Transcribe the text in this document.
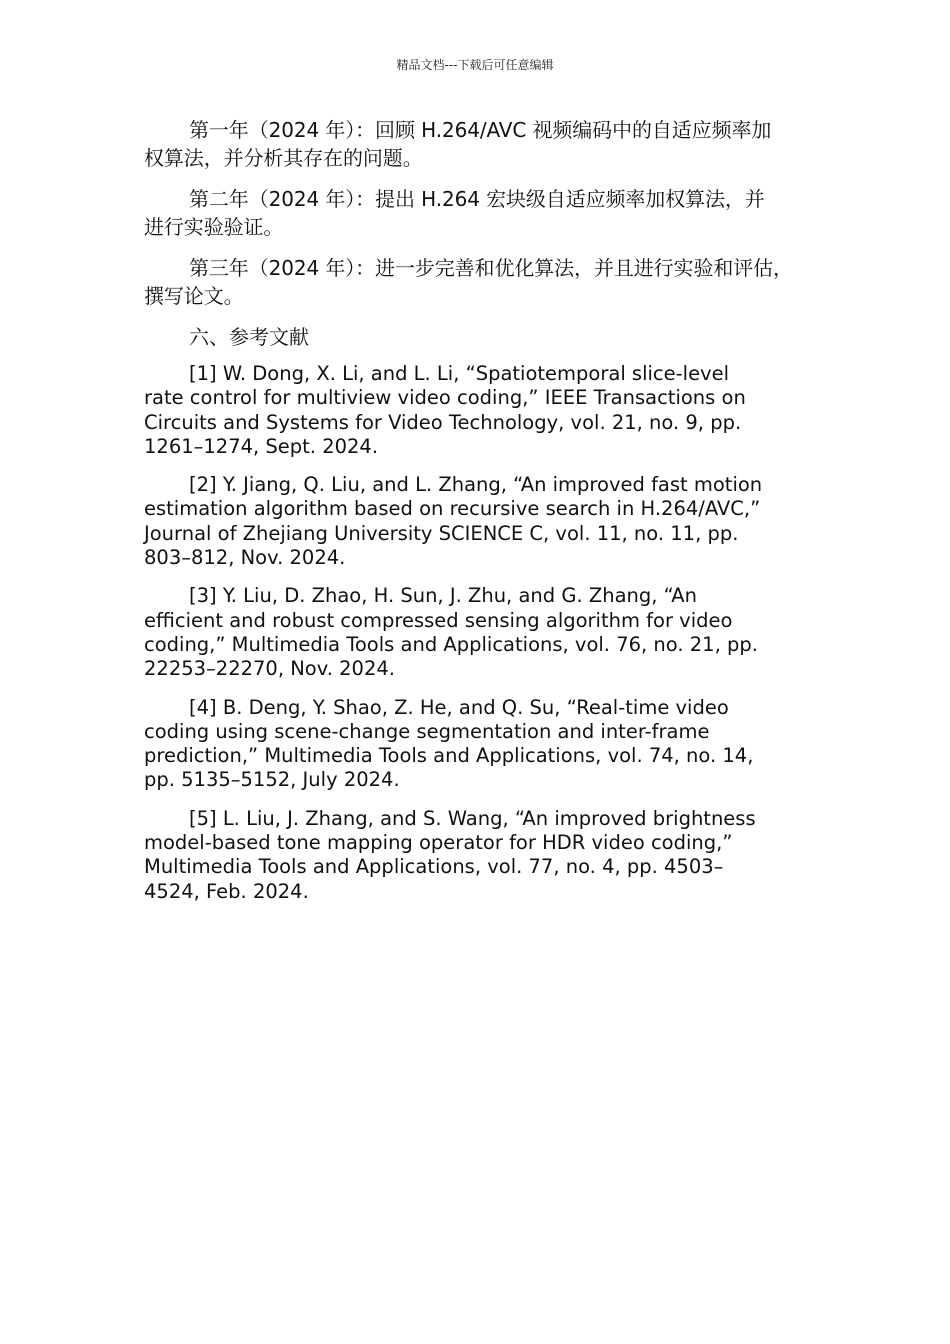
精品文档---下载后可任意编辑

第一年（2024 年）：回顾 H.264/AVC 视频编码中的自适应频率加
权算法，并分析其存在的问题。

第二年（2024 年）：提出 H.264 宏块级自适应频率加权算法，并
进行实验验证。

第三年（2024 年）：进一步完善和优化算法，并且进行实验和评估，
撰写论文。

六、参考文献

[1] W. Dong, X. Li, and L. Li, “Spatiotemporal slice-level
rate control for multiview video coding,” IEEE Transactions on
Circuits and Systems for Video Technology, vol. 21, no. 9, pp.
1261–1274, Sept. 2024.

[2] Y. Jiang, Q. Liu, and L. Zhang, “An improved fast motion
estimation algorithm based on recursive search in H.264/AVC,”
Journal of Zhejiang University SCIENCE C, vol. 11, no. 11, pp.
803–812, Nov. 2024.

[3] Y. Liu, D. Zhao, H. Sun, J. Zhu, and G. Zhang, “An
efficient and robust compressed sensing algorithm for video
coding,” Multimedia Tools and Applications, vol. 76, no. 21, pp.
22253–22270, Nov. 2024.

[4] B. Deng, Y. Shao, Z. He, and Q. Su, “Real-time video
coding using scene-change segmentation and inter-frame
prediction,” Multimedia Tools and Applications, vol. 74, no. 14,
pp. 5135–5152, July 2024.

[5] L. Liu, J. Zhang, and S. Wang, “An improved brightness
model-based tone mapping operator for HDR video coding,”
Multimedia Tools and Applications, vol. 77, no. 4, pp. 4503–
4524, Feb. 2024.
